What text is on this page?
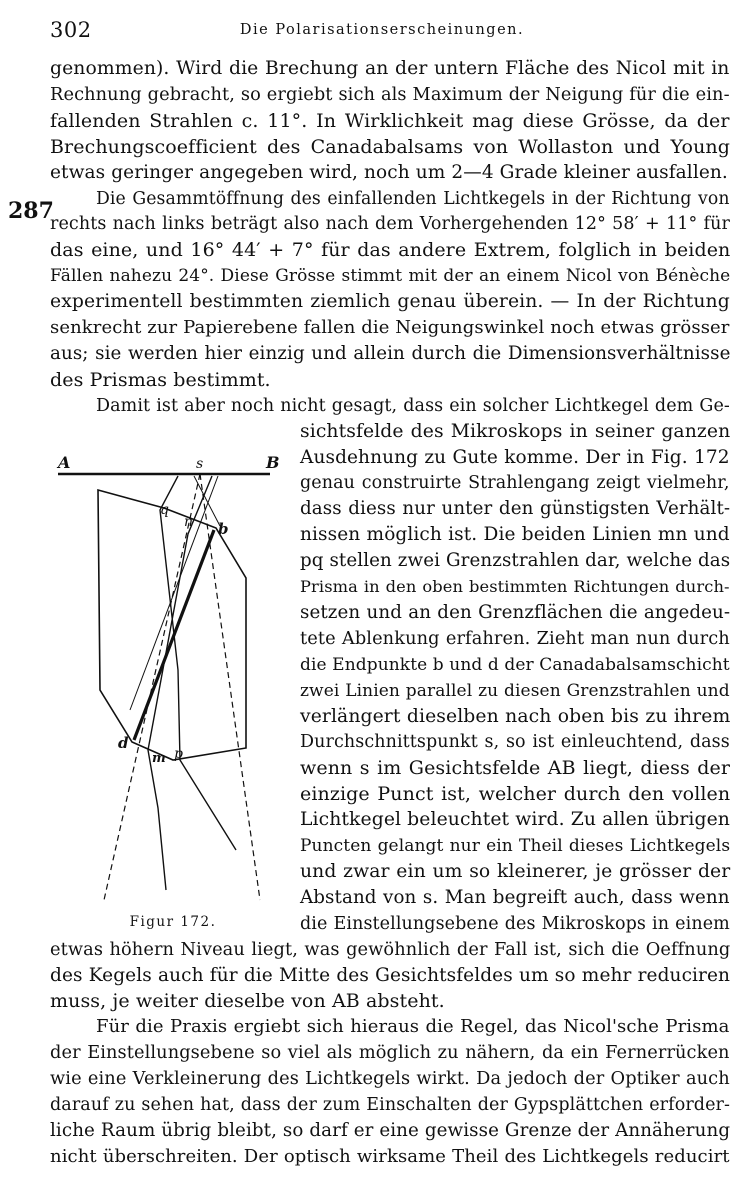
302	Die Polarisationserscheinungen.
287
genommen). Wird die Brechung an der untern Fläche des Nicol mit in
Rechnung gebracht, so ergiebt sich als Maximum der Neigung für die ein-
fallenden Strahlen c. 11°. In Wirklichkeit mag diese Grösse, da der
Brechungscoefficient des Canadabalsams von Wollaston und Young
etwas geringer angegeben wird, noch um 2—4 Grade kleiner ausfallen.
Die Gesammtöffnung des einfallenden Lichtkegels in der Richtung von
rechts nach links beträgt also nach dem Vorhergehenden 12° 58′ + 11° für
das eine, und 16° 44′ + 7° für das andere Extrem, folglich in beiden
Fällen nahezu 24°. Diese Grösse stimmt mit der an einem Nicol von Bénèche
experimentell bestimmten ziemlich genau überein. — In der Richtung
senkrecht zur Papierebene fallen die Neigungswinkel noch etwas grösser
aus; sie werden hier einzig und allein durch die Dimensionsverhältnisse
des Prismas bestimmt.
Damit ist aber noch nicht gesagt, dass ein solcher Lichtkegel dem Ge-
sichtsfelde des Mikroskops in seiner ganzen
Ausdehnung zu Gute komme. Der in Fig. 172
genau construirte Strahlengang zeigt vielmehr,
dass diess nur unter den günstigsten Verhält-
nissen möglich ist. Die beiden Linien mn und
pq stellen zwei Grenzstrahlen dar, welche das
Prisma in den oben bestimmten Richtungen durch-
setzen und an den Grenzflächen die angedeu-
tete Ablenkung erfahren. Zieht man nun durch
die Endpunkte b und d der Canadabalsamschicht
zwei Linien parallel zu diesen Grenzstrahlen und
verlängert dieselben nach oben bis zu ihrem
Durchschnittspunkt s, so ist einleuchtend, dass
wenn s im Gesichtsfelde AB liegt, diess der
einzige Punct ist, welcher durch den vollen
Lichtkegel beleuchtet wird. Zu allen übrigen
Puncten gelangt nur ein Theil dieses Lichtkegels
und zwar ein um so kleinerer, je grösser der
Abstand von s. Man begreift auch, dass wenn
die Einstellungsebene des Mikroskops in einem
etwas höhern Niveau liegt, was gewöhnlich der Fall ist, sich die Oeffnung
des Kegels auch für die Mitte des Gesichtsfeldes um so mehr reduciren
muss, je weiter dieselbe von AB absteht.
Für die Praxis ergiebt sich hieraus die Regel, das Nicol'sche Prisma
der Einstellungsebene so viel als möglich zu nähern, da ein Fernerrücken
wie eine Verkleinerung des Lichtkegels wirkt. Da jedoch der Optiker auch
darauf zu sehen hat, dass der zum Einschalten der Gypsplättchen erforder-
liche Raum übrig bleibt, so darf er eine gewisse Grenze der Annäherung
nicht überschreiten. Der optisch wirksame Theil des Lichtkegels reducirt
A	B
s
q
n b
d
m p
Figur 172.
